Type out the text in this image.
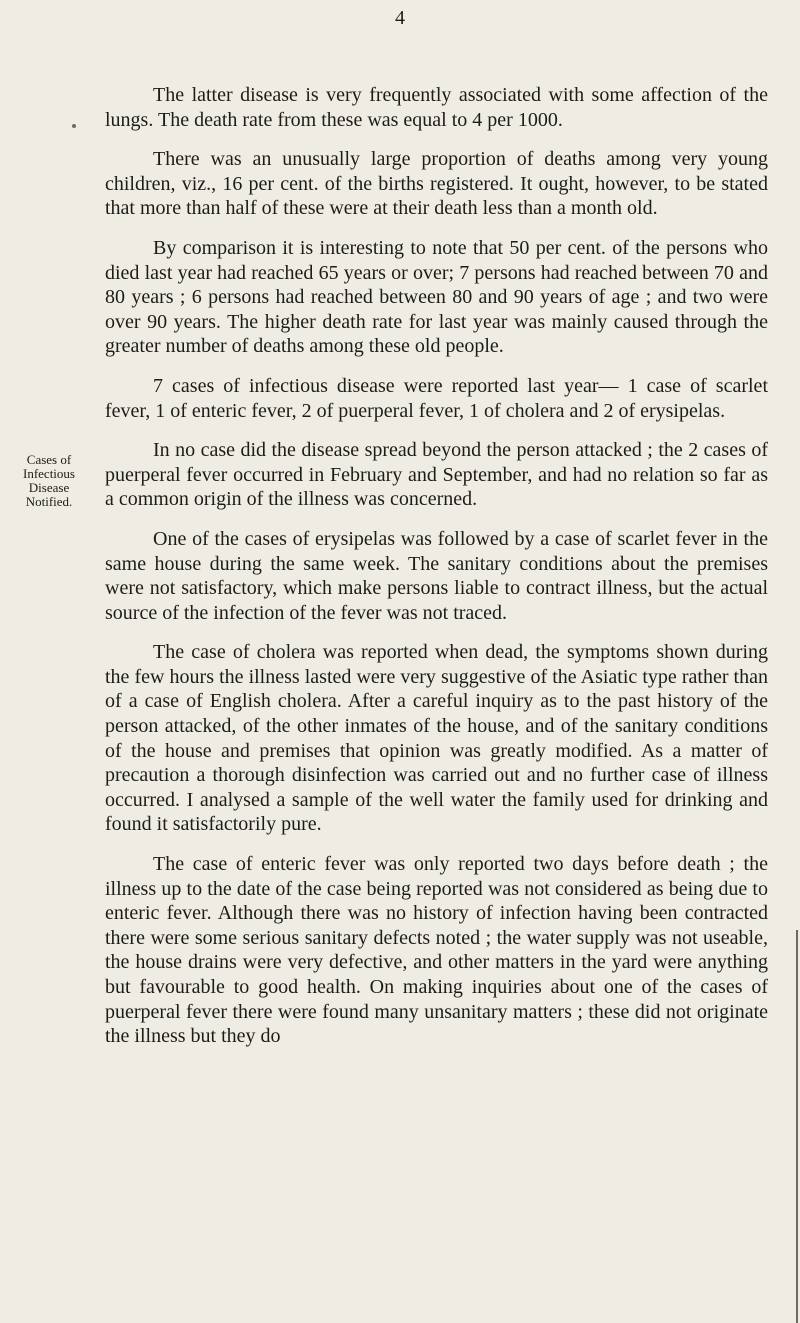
4
Cases of
Infectious
Disease
Notified.

The latter disease is very frequently associated with some affection of the lungs. The death rate from these was equal to 4 per 1000.

There was an unusually large proportion of deaths among very young children, viz., 16 per cent. of the births registered. It ought, however, to be stated that more than half of these were at their death less than a month old.

By comparison it is interesting to note that 50 per cent. of the persons who died last year had reached 65 years or over; 7 persons had reached between 70 and 80 years ; 6 persons had reached between 80 and 90 years of age ; and two were over 90 years. The higher death rate for last year was mainly caused through the greater number of deaths among these old people.

7 cases of infectious disease were reported last year— 1 case of scarlet fever, 1 of enteric fever, 2 of puerperal fever, 1 of cholera and 2 of erysipelas.

In no case did the disease spread beyond the person attacked ; the 2 cases of puerperal fever occurred in February and September, and had no relation so far as a common origin of the illness was concerned.

One of the cases of erysipelas was followed by a case of scarlet fever in the same house during the same week. The sanitary conditions about the premises were not satisfactory, which make persons liable to contract illness, but the actual source of the infection of the fever was not traced.

The case of cholera was reported when dead, the symptoms shown during the few hours the illness lasted were very suggestive of the Asiatic type rather than of a case of English cholera. After a careful inquiry as to the past history of the person attacked, of the other inmates of the house, and of the sanitary conditions of the house and premises that opinion was greatly modified. As a matter of precaution a thorough disinfection was carried out and no further case of illness occurred. I analysed a sample of the well water the family used for drinking and found it satisfactorily pure.

The case of enteric fever was only reported two days before death ; the illness up to the date of the case being reported was not considered as being due to enteric fever. Although there was no history of infection having been contracted there were some serious sanitary defects noted ; the water supply was not useable, the house drains were very defective, and other matters in the yard were anything but favourable to good health. On making inquiries about one of the cases of puerperal fever there were found many unsanitary matters ; these did not originate the illness but they do
